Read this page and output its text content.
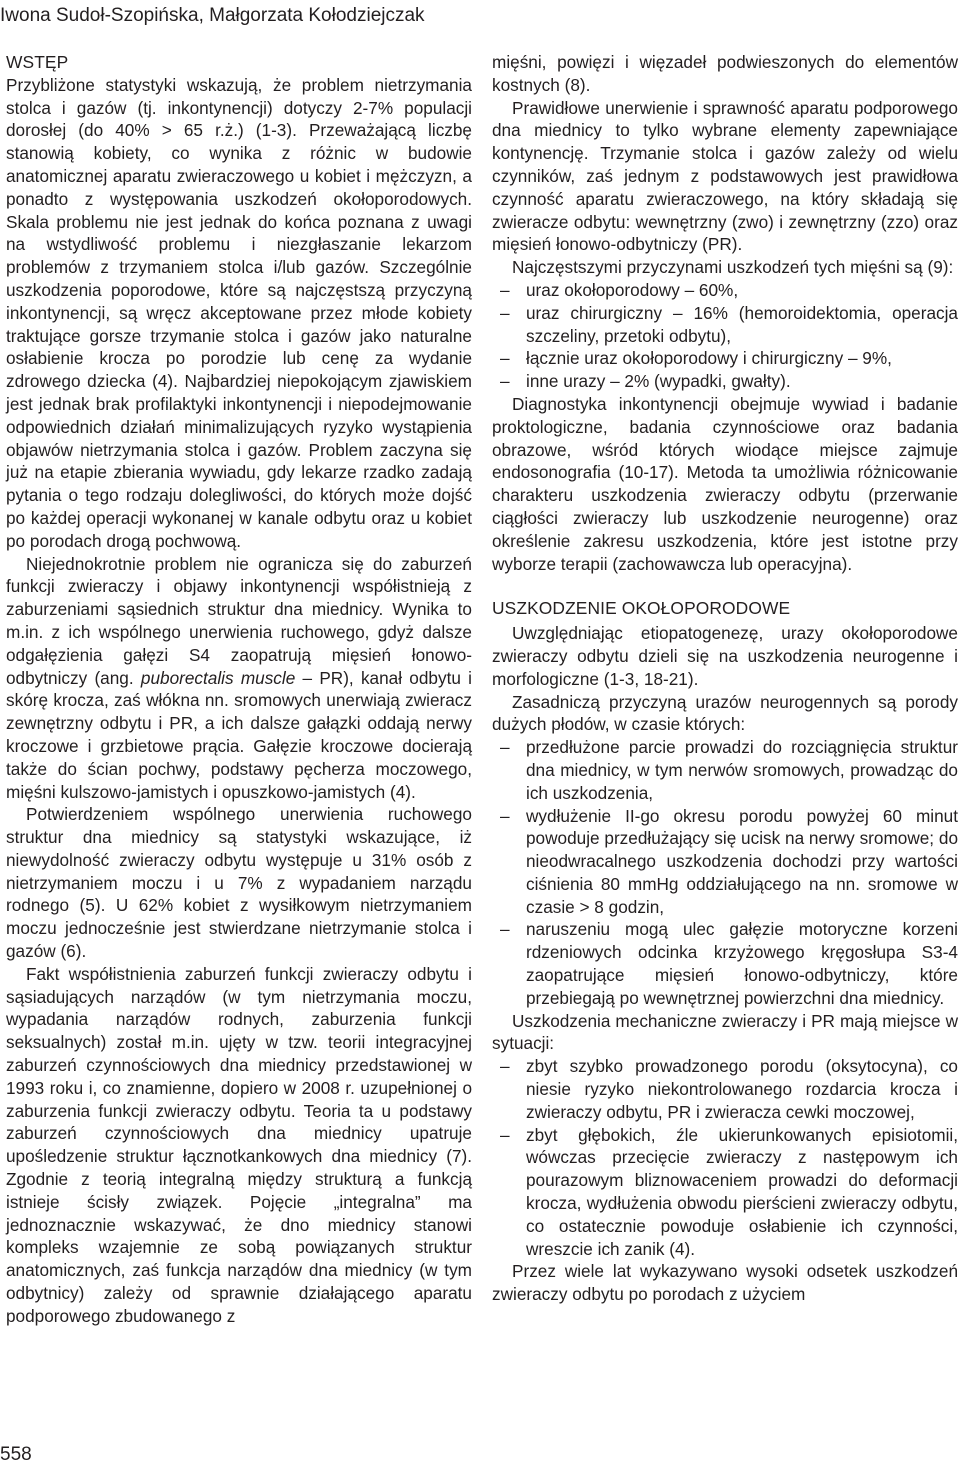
Iwona Sudoł-Szopińska, Małgorzata Kołodziejczak
WSTĘP

Przybliżone statystyki wskazują, że problem nietrzymania stolca i gazów (tj. inkontynencji) dotyczy 2-7% populacji dorosłej (do 40% > 65 r.ż.) (1-3). Przeważającą liczbę stanowią kobiety, co wynika z różnic w budowie anatomicznej aparatu zwieraczowego u kobiet i mężczyzn, a ponadto z występowania uszkodzeń okołoporodowych. Skala problemu nie jest jednak do końca poznana z uwagi na wstydliwość problemu i niezgłaszanie lekarzom problemów z trzymaniem stolca i/lub gazów. Szczególnie uszkodzenia poporodowe, które są najczęstszą przyczyną inkontynencji, są wręcz akceptowane przez młode kobiety traktujące gorsze trzymanie stolca i gazów jako naturalne osłabienie krocza po porodzie lub cenę za wydanie zdrowego dziecka (4). Najbardziej niepokojącym zjawiskiem jest jednak brak profilaktyki inkontynencji i niepodejmowanie odpowiednich działań minimalizujących ryzyko wystąpienia objawów nietrzymania stolca i gazów. Problem zaczyna się już na etapie zbierania wywiadu, gdy lekarze rzadko zadają pytania o tego rodzaju dolegliwości, do których może dojść po każdej operacji wykonanej w kanale odbytu oraz u kobiet po porodach drogą pochwową.

Niejednokrotnie problem nie ogranicza się do zaburzeń funkcji zwieraczy i objawy inkontynencji współistnieją z zaburzeniami sąsiednich struktur dna miednicy. Wynika to m.in. z ich wspólnego unerwienia ruchowego, gdyż dalsze odgałęzienia gałęzi S4 zaopatrują mięsień łonowo-odbytniczy (ang. puborectalis muscle – PR), kanał odbytu i skórę krocza, zaś włókna nn. sromowych unerwiają zwieracz zewnętrzny odbytu i PR, a ich dalsze gałązki oddają nerwy kroczowe i grzbietowe prącia. Gałęzie kroczowe docierają także do ścian pochwy, podstawy pęcherza moczowego, mięśni kulszowo-jamistych i opuszkowo-jamistych (4).

Potwierdzeniem wspólnego unerwienia ruchowego struktur dna miednicy są statystyki wskazujące, iż niewydolność zwieraczy odbytu występuje u 31% osób z nietrzymaniem moczu i u 7% z wypadaniem narządu rodnego (5). U 62% kobiet z wysiłkowym nietrzymaniem moczu jednocześnie jest stwierdzane nietrzymanie stolca i gazów (6).

Fakt współistnienia zaburzeń funkcji zwieraczy odbytu i sąsiadujących narządów (w tym nietrzymania moczu, wypadania narządów rodnych, zaburzenia funkcji seksualnych) został m.in. ujęty w tzw. teorii integracyjnej zaburzeń czynnościowych dna miednicy przedstawionej w 1993 roku i, co znamienne, dopiero w 2008 r. uzupełnionej o zaburzenia funkcji zwieraczy odbytu. Teoria ta u podstawy zaburzeń czynnościowych dna miednicy upatruje upośledzenie struktur łącznotkankowych dna miednicy (7). Zgodnie z teorią integralną między strukturą a funkcją istnieje ścisły związek. Pojęcie „integralna” ma jednoznacznie wskazywać, że dno miednicy stanowi kompleks wzajemnie ze sobą powiązanych struktur anatomicznych, zaś funkcja narządów dna miednicy (w tym odbytnicy) zależy od sprawnie działającego aparatu podporowego zbudowanego z

mięśni, powięzi i więzadeł podwieszonych do elementów kostnych (8).

Prawidłowe unerwienie i sprawność aparatu podporowego dna miednicy to tylko wybrane elementy zapewniające kontynencję. Trzymanie stolca i gazów zależy od wielu czynników, zaś jednym z podstawowych jest prawidłowa czynność aparatu zwieraczowego, na który składają się zwieracze odbytu: wewnętrzny (zwo) i zewnętrzny (zzo) oraz mięsień łonowo-odbytniczy (PR).

Najczęstszymi przyczynami uszkodzeń tych mięśni są (9):

– uraz okołoporodowy – 60%,
– uraz chirurgiczny – 16% (hemoroidektomia, operacja szczeliny, przetoki odbytu),
– łącznie uraz okołoporodowy i chirurgiczny – 9%,
– inne urazy – 2% (wypadki, gwałty).

Diagnostyka inkontynencji obejmuje wywiad i badanie proktologiczne, badania czynnościowe oraz badania obrazowe, wśród których wiodące miejsce zajmuje endosonografia (10-17). Metoda ta umożliwia różnicowanie charakteru uszkodzenia zwieraczy odbytu (przerwanie ciągłości zwieraczy lub uszkodzenie neurogenne) oraz określenie zakresu uszkodzenia, które jest istotne przy wyborze terapii (zachowawcza lub operacyjna).

USZKODZENIE OKOŁOPORODOWE

Uwzględniając etiopatogenezę, urazy okołoporodowe zwieraczy odbytu dzieli się na uszkodzenia neurogenne i morfologiczne (1-3, 18-21).

Zasadniczą przyczyną urazów neurogennych są porody dużych płodów, w czasie których:

– przedłużone parcie prowadzi do rozciągnięcia struktur dna miednicy, w tym nerwów sromowych, prowadząc do ich uszkodzenia,
– wydłużenie II-go okresu porodu powyżej 60 minut powoduje przedłużający się ucisk na nerwy sromowe; do nieodwracalnego uszkodzenia dochodzi przy wartości ciśnienia 80 mmHg oddziałującego na nn. sromowe w czasie > 8 godzin,
– naruszeniu mogą ulec gałęzie motoryczne korzeni rdzeniowych odcinka krzyżowego kręgosłupa S3-4 zaopatrujące mięsień łonowo-odbytniczy, które przebiegają po wewnętrznej powierzchni dna miednicy.

Uszkodzenia mechaniczne zwieraczy i PR mają miejsce w sytuacji:

– zbyt szybko prowadzonego porodu (oksytocyna), co niesie ryzyko niekontrolowanego rozdarcia krocza i zwieraczy odbytu, PR i zwieracza cewki moczowej,
– zbyt głębokich, źle ukierunkowanych episiotomii, wówczas przecięcie zwieraczy z następowym ich pourazowym bliznowaceniem prowadzi do deformacji krocza, wydłużenia obwodu pierścieni zwieraczy odbytu, co ostatecznie powoduje osłabienie ich czynności, wreszcie ich zanik (4).

Przez wiele lat wykazywano wysoki odsetek uszkodzeń zwieraczy odbytu po porodach z użyciem

558
